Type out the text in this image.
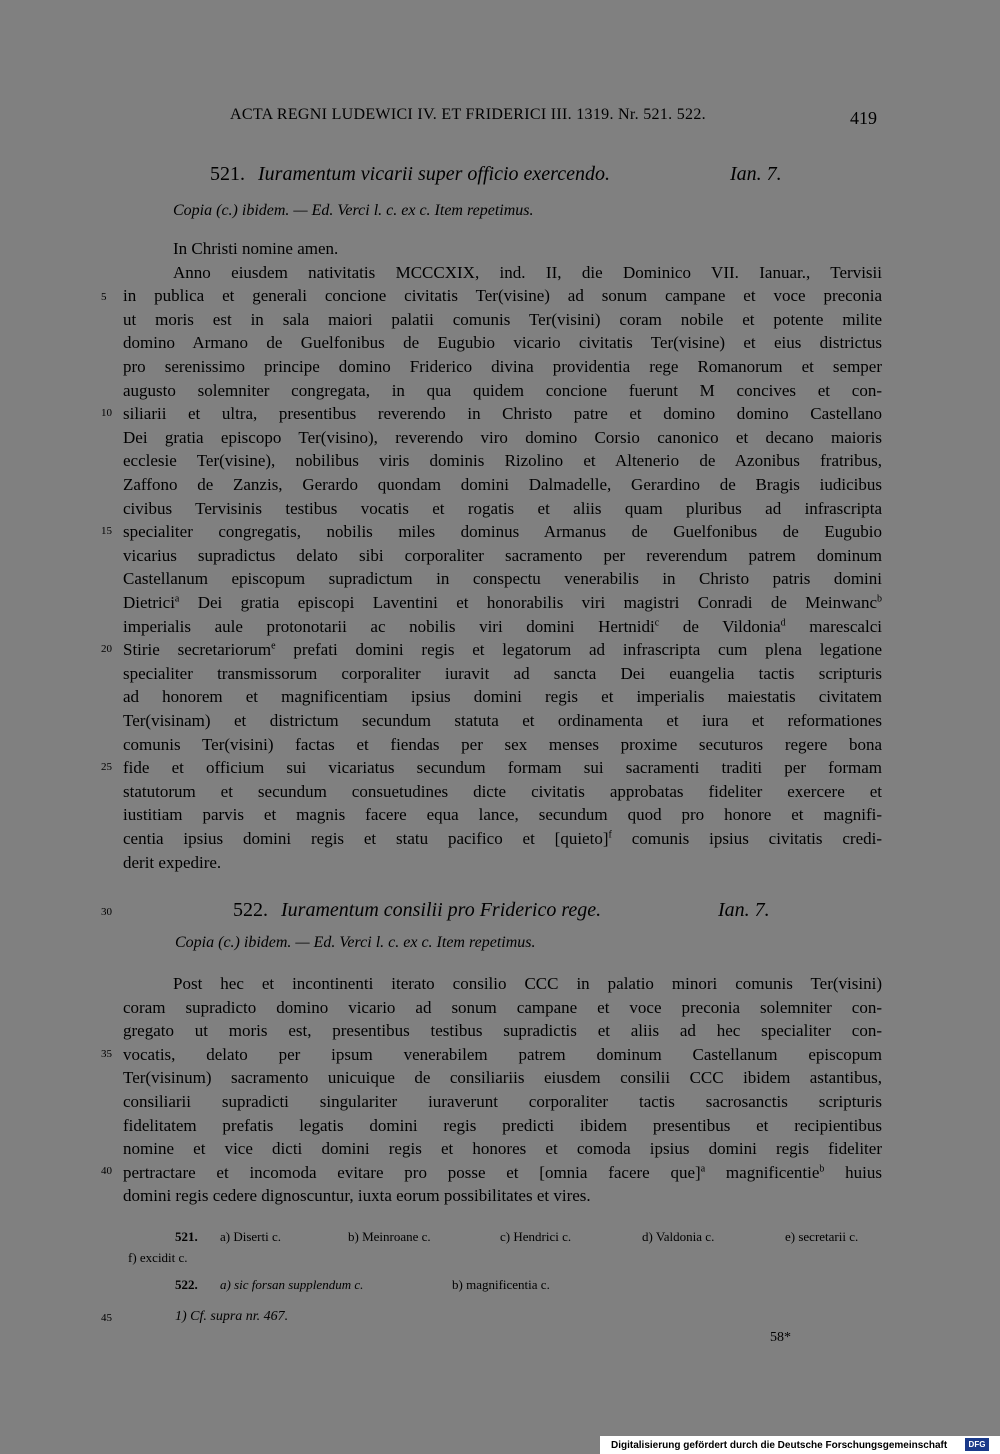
ACTA REGNI LUDEWICI IV. ET FRIDERICI III. 1319. Nr. 521. 522.	419
521. Iuramentum vicarii super officio exercendo.	Ian. 7.
Copia (c.) ibidem. — Ed. Verci l. c. ex c. Item repetimus.
In Christi nomine amen.
Anno eiusdem nativitatis MCCCXIX, ind. II, die Dominico VII. Ianuar., Tervisii
in publica et generali concione civitatis Ter(visine) ad sonum campane et voce preconia
ut moris est in sala maiori palatii comunis Ter(visini) coram nobile et potente milite
domino Armano de Guelfonibus de Eugubio vicario civitatis Ter(visine) et eius districtus
pro serenissimo principe domino Friderico divina providentia rege Romanorum et semper
augusto solemniter congregata, in qua quidem concione fuerunt M concives et con-
siliarii et ultra, presentibus reverendo in Christo patre et domino domino Castellano
Dei gratia episcopo Ter(visino), reverendo viro domino Corsio canonico et decano maioris
ecclesie Ter(visine), nobilibus viris dominis Rizolino et Altenerio de Azonibus fratribus,
Zaffono de Zanzis, Gerardo quondam domini Dalmadelle, Gerardino de Bragis iudicibus
civibus Tervisinis testibus vocatis et rogatis et aliis quam pluribus ad infrascripta
specialiter congregatis, nobilis miles dominus Armanus de Guelfonibus de Eugubio
vicarius supradictus delato sibi corporaliter sacramento per reverendum patrem dominum
Castellanum episcopum supradictum in conspectu venerabilis in Christo patris domini
Dietrici$^a$ Dei gratia episcopi Laventini et honorabilis viri magistri Conradi de Meinwanc$^b$
imperialis aule protonotarii ac nobilis viri domini Hertnidi$^c$ de Vildonia$^d$ marescalci
Stirie secretariorum$^e$ prefati domini regis et legatorum ad infrascripta cum plena legatione
specialiter transmissorum corporaliter iuravit ad sancta Dei euangelia tactis scripturis
ad honorem et magnificentiam ipsius domini regis et imperialis maiestatis civitatem
Ter(visinam) et districtum secundum statuta et ordinamenta et iura et reformationes
comunis Ter(visini) factas et fiendas per sex menses proxime secuturos regere bona
fide et officium sui vicariatus secundum formam sui sacramenti traditi per formam
statutorum et secundum consuetudines dicte civitatis approbatas fideliter exercere et
iustitiam parvis et magnis facere equa lance, secundum quod pro honore et magnifi-
centia ipsius domini regis et statu pacifico et [quieto]$^f$ comunis ipsius civitatis credi-
derit expedire.
522. Iuramentum consilii pro Friderico rege.	Ian. 7.
Copia (c.) ibidem. — Ed. Verci l. c. ex c. Item repetimus.
Post hec et incontinenti iterato consilio CCC in palatio minori comunis Ter(visini)
coram supradicto domino vicario ad sonum campane et voce preconia solemniter con-
gregato ut moris est, presentibus testibus supradictis et aliis ad hec specialiter con-
vocatis, delato per ipsum venerabilem patrem dominum Castellanum episcopum
Ter(visinum) sacramento unicuique de consiliariis eiusdem consilii CCC ibidem astantibus,
consiliarii supradicti singulariter iuraverunt corporaliter tactis sacrosanctis scripturis
fidelitatem prefatis legatis domini regis predicti ibidem presentibus et recipientibus
nomine et vice dicti domini regis et honores et comoda ipsius domini regis fideliter
pertractare et incomoda evitare pro posse et [omnia facere que]$^a$ magnificentie$^b$ huius
domini regis cedere dignoscuntur, iuxta eorum possibilitates et vires.
5
10
15
20
25
30
35
40
45
521. a) Diserti c.	b) Meinroane c.	c) Hendrici c.	d) Valdonia c.	e) secretarii c.
f) excidit c.
522. a) sic forsan supplendum c.	b) magnificentia c.
1) Cf. supra nr. 467.
58*
Digitalisierung gefördert durch die Deutsche Forschungsgemeinschaft	DFG
